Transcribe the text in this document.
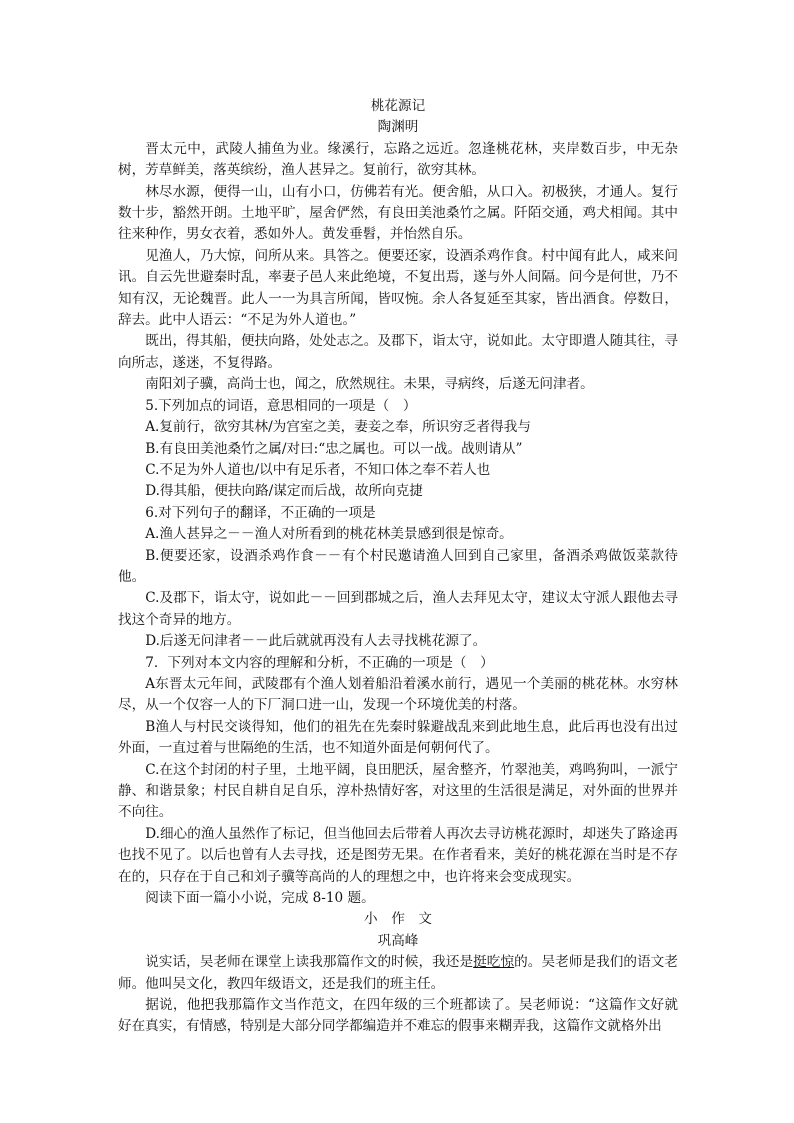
桃花源记

陶渊明

晋太元中，武陵人捕鱼为业。缘溪行，忘路之远近。忽逢桃花林，夹岸数百步，中无杂树，芳草鲜美，落英缤纷，渔人甚异之。复前行，欲穷其林。

林尽水源，便得一山，山有小口，仿佛若有光。便舍船，从口入。初极狭，才通人。复行数十步，豁然开朗。土地平旷，屋舍俨然，有良田美池桑竹之属。阡陌交通，鸡犬相闻。其中往来种作，男女衣着，悉如外人。黄发垂髫，并怡然自乐。

见渔人，乃大惊，问所从来。具答之。便要还家，设酒杀鸡作食。村中闻有此人，咸来问讯。自云先世避秦时乱，率妻子邑人来此绝境，不复出焉，遂与外人间隔。问今是何世，乃不知有汉，无论魏晋。此人一一为具言所闻，皆叹惋。余人各复延至其家，皆出酒食。停数日，辞去。此中人语云：“不足为外人道也。”

既出，得其船，便扶向路，处处志之。及郡下，诣太守，说如此。太守即遣人随其往，寻向所志，遂迷，不复得路。

南阳刘子骥，高尚士也，闻之，欣然规往。未果，寻病终，后遂无问津者。

5.下列加点的词语，意思相同的一项是（　）

A.复前行，欲穷其林/为宫室之美，妻妾之奉，所识穷乏者得我与

B.有良田美池桑竹之属/对曰:“忠之属也。可以一战。战则请从”

C.不足为外人道也/以中有足乐者，不知口体之奉不若人也

D.得其船，便扶向路/谋定而后战，故所向克捷

6.对下列句子的翻译，不正确的一项是

A.渔人甚异之－－渔人对所看到的桃花林美景感到很是惊奇。

B.便要还家，设酒杀鸡作食－－有个村民邀请渔人回到自己家里，备酒杀鸡做饭菜款待他。

C.及郡下，诣太守，说如此－－回到郡城之后，渔人去拜见太守，建议太守派人跟他去寻找这个奇异的地方。

D.后遂无问津者－－此后就就再没有人去寻找桃花源了。

7．下列对本文内容的理解和分析，不正确的一项是（　）

A东晋太元年间，武陵郡有个渔人划着船沿着溪水前行，遇见一个美丽的桃花林。水穷林尽，从一个仅容一人的下厂洞口进一山，发现一个环境优美的村落。

B渔人与村民交谈得知，他们的祖先在先秦时躲避战乱来到此地生息，此后再也没有出过外面，一直过着与世隔绝的生活，也不知道外面是何朝何代了。

C.在这个封闭的村子里，土地平阔，良田肥沃，屋舍整齐，竹翠池美，鸡鸣狗叫，一派宁静、和谐景象；村民自耕自足自乐，淳朴热情好客，对这里的生活很是满足，对外面的世界并不向往。

D.细心的渔人虽然作了标记，但当他回去后带着人再次去寻访桃花源时，却迷失了路途再也找不见了。以后也曾有人去寻找，还是图劳无果。在作者看来，美好的桃花源在当时是不存在的，只存在于自己和刘子骥等高尚的人的理想之中，也许将来会变成现实。

阅读下面一篇小小说，完成 8-10 题。

小　作　文

巩高峰

说实话，吴老师在课堂上读我那篇作文的时候，我还是挺吃惊的。吴老师是我们的语文老师。他叫吴文化，教四年级语文，还是我们的班主任。

据说，他把我那篇作文当作范文，在四年级的三个班都读了。吴老师说：“这篇作文好就好在真实，有情感，特别是大部分同学都编造并不难忘的假事来糊弄我，这篇作文就格外出
